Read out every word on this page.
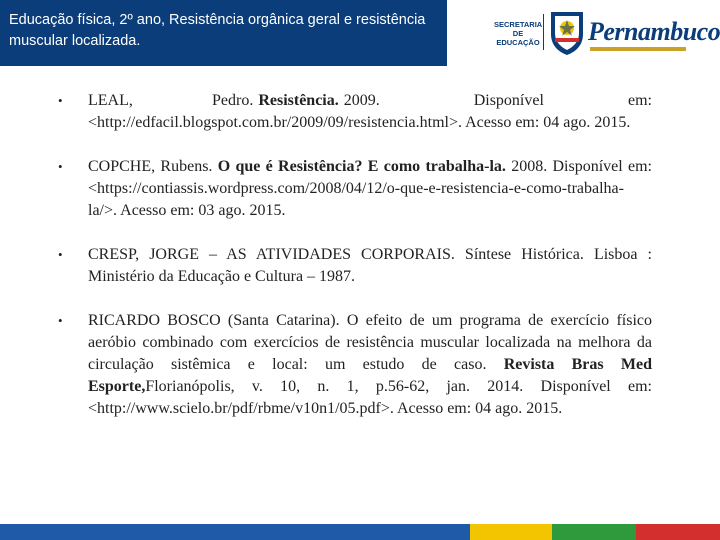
Educação física, 2º ano, Resistência orgânica geral e resistência muscular localizada.
SECRETARIA DE EDUCAÇÃO Pernambuco
• LEAL,                Pedro. Resistência. 2009.                   Disponível                 em: <http://edfacil.blogspot.com.br/2009/09/resistencia.html>. Acesso em: 04 ago. 2015.
• COPCHE, Rubens. O que é Resistência? E como trabalha-la. 2008. Disponível em: <https://contiassis.wordpress.com/2008/04/12/o-que-e-resistencia-e-como-trabalha-la/>. Acesso em: 03 ago. 2015.
• CRESP, JORGE – AS ATIVIDADES CORPORAIS. Síntese Histórica. Lisboa : Ministério da Educação e Cultura – 1987.
• RICARDO BOSCO (Santa Catarina). O efeito de um programa de exercício físico aeróbio combinado com exercícios de resistência muscular localizada na melhora da circulação sistêmica e local: um estudo de caso. Revista Bras Med Esporte,Florianópolis, v. 10, n. 1, p.56-62, jan. 2014. Disponível em: <http://www.scielo.br/pdf/rbme/v10n1/05.pdf>. Acesso em: 04 ago. 2015.
